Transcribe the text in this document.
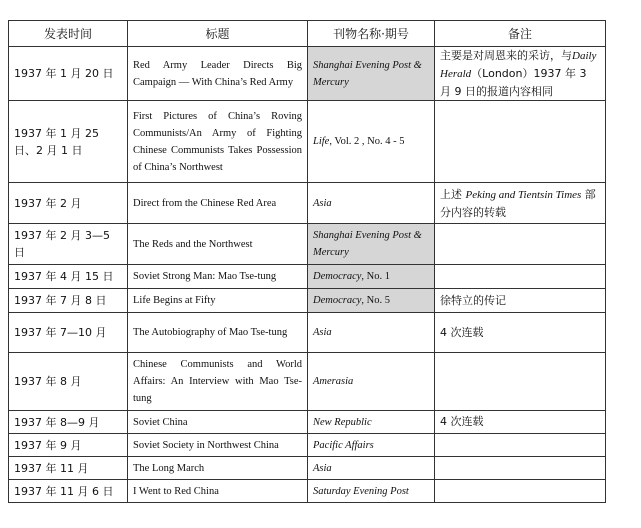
发表时间	标题	刊物名称·期号	备注
1937 年 1 月 20 日	Red Army Leader Directs Big Campaign — With China’s Red Army	Shanghai Evening Post & Mercury	主要是对周恩来的采访，与Daily Herald（London）1937 年 3 月 9 日的报道内容相同
1937 年 1 月 25 日、2 月 1 日	First Pictures of China’s Roving Communists/An Army of Fighting Chinese Communists Takes Possession of China’s Northwest	Life, Vol. 2 , No. 4 - 5	
1937 年 2 月	Direct from the Chinese Red Area	Asia	上述 Peking and Tientsin Times 部分内容的转载
1937 年 2 月 3—5 日	The Reds and the Northwest	Shanghai Evening Post & Mercury	
1937 年 4 月 15 日	Soviet Strong Man: Mao Tse-tung	Democracy, No. 1	
1937 年 7 月 8 日	Life Begins at Fifty	Democracy, No. 5	徐特立的传记
1937 年 7—10 月	The Autobiography of Mao Tse-tung	Asia	4 次连载
1937 年 8 月	Chinese Communists and World Affairs: An Interview with Mao Tse-tung	Amerasia	
1937 年 8—9 月	Soviet China	New Republic	4 次连载
1937 年 9 月	Soviet Society in Northwest China	Pacific Affairs	
1937 年 11 月	The Long March	Asia	
1937 年 11 月 6 日	I Went to Red China	Saturday Evening Post	
